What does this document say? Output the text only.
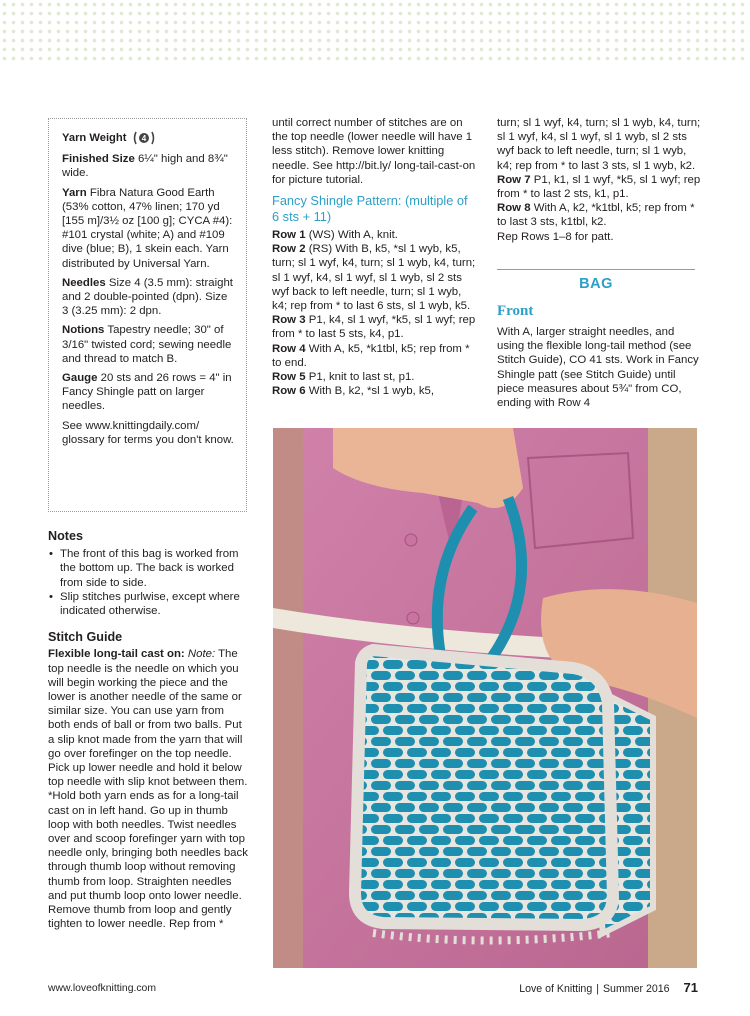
Yarn Weight 4

Finished Size 6¼" high and 8¾" wide.

Yarn Fibra Natura Good Earth (53% cotton, 47% linen; 170 yd [155 m]/3½ oz [100 g]; CYCA #4): #101 crystal (white; A) and #109 dive (blue; B), 1 skein each. Yarn distributed by Universal Yarn.

Needles Size 4 (3.5 mm): straight and 2 double-pointed (dpn). Size 3 (3.25 mm): 2 dpn.

Notions Tapestry needle; 30" of 3/16" twisted cord; sewing needle and thread to match B.

Gauge 20 sts and 26 rows = 4" in Fancy Shingle patt on larger needles.

See www.knittingdaily.com/ glossary for terms you don't know.

Notes

• The front of this bag is worked from the bottom up. The back is worked from side to side.
• Slip stitches purlwise, except where indicated otherwise.

Stitch Guide

Flexible long-tail cast on: Note: The top needle is the needle on which you will begin working the piece and the lower is another needle of the same or similar size. You can use yarn from both ends of ball or from two balls. Put a slip knot made from the yarn that will go over forefinger on the top needle. Pick up lower needle and hold it below top needle with slip knot between them. *Hold both yarn ends as for a long-tail cast on in left hand. Go up in thumb loop with both needles. Twist needles over and scoop forefinger yarn with top needle only, bringing both needles back through thumb loop without removing thumb from loop. Straighten needles and put thumb loop onto lower needle. Remove thumb from loop and gently tighten to lower needle. Rep from *

until correct number of stitches are on the top needle (lower needle will have 1 less stitch). Remove lower knitting needle. See http://bit.ly/ long-tail-cast-on for picture tutorial.

Fancy Shingle Pattern: (multiple of 6 sts + 11)

Row 1 (WS) With A, knit.

Row 2 (RS) With B, k5, *sl 1 wyb, k5, turn; sl 1 wyf, k4, turn; sl 1 wyb, k4, turn; sl 1 wyf, k4, sl 1 wyf, sl 1 wyb, sl 2 sts wyf back to left needle, turn; sl 1 wyb, k4; rep from * to last 6 sts, sl 1 wyb, k5.

Row 3 P1, k4, sl 1 wyf, *k5, sl 1 wyf; rep from * to last 5 sts, k4, p1.

Row 4 With A, k5, *k1tbl, k5; rep from * to end.

Row 5 P1, knit to last st, p1.

Row 6 With B, k2, *sl 1 wyb, k5,

turn; sl 1 wyf, k4, turn; sl 1 wyb, k4, turn; sl 1 wyf, k4, sl 1 wyf, sl 1 wyb, sl 2 sts wyf back to left needle, turn; sl 1 wyb, k4; rep from * to last 3 sts, sl 1 wyb, k2.

Row 7 P1, k1, sl 1 wyf, *k5, sl 1 wyf; rep from * to last 2 sts, k1, p1.

Row 8 With A, k2, *k1tbl, k5; rep from * to last 3 sts, k1tbl, k2.

Rep Rows 1–8 for patt.

BAG
Front

With A, larger straight needles, and using the flexible long-tail method (see Stitch Guide), CO 41 sts. Work in Fancy Shingle patt (see Stitch Guide) until piece measures about 5¾" from CO, ending with Row 4

www.loveofknitting.com	Love of Knitting | Summer 2016 71
